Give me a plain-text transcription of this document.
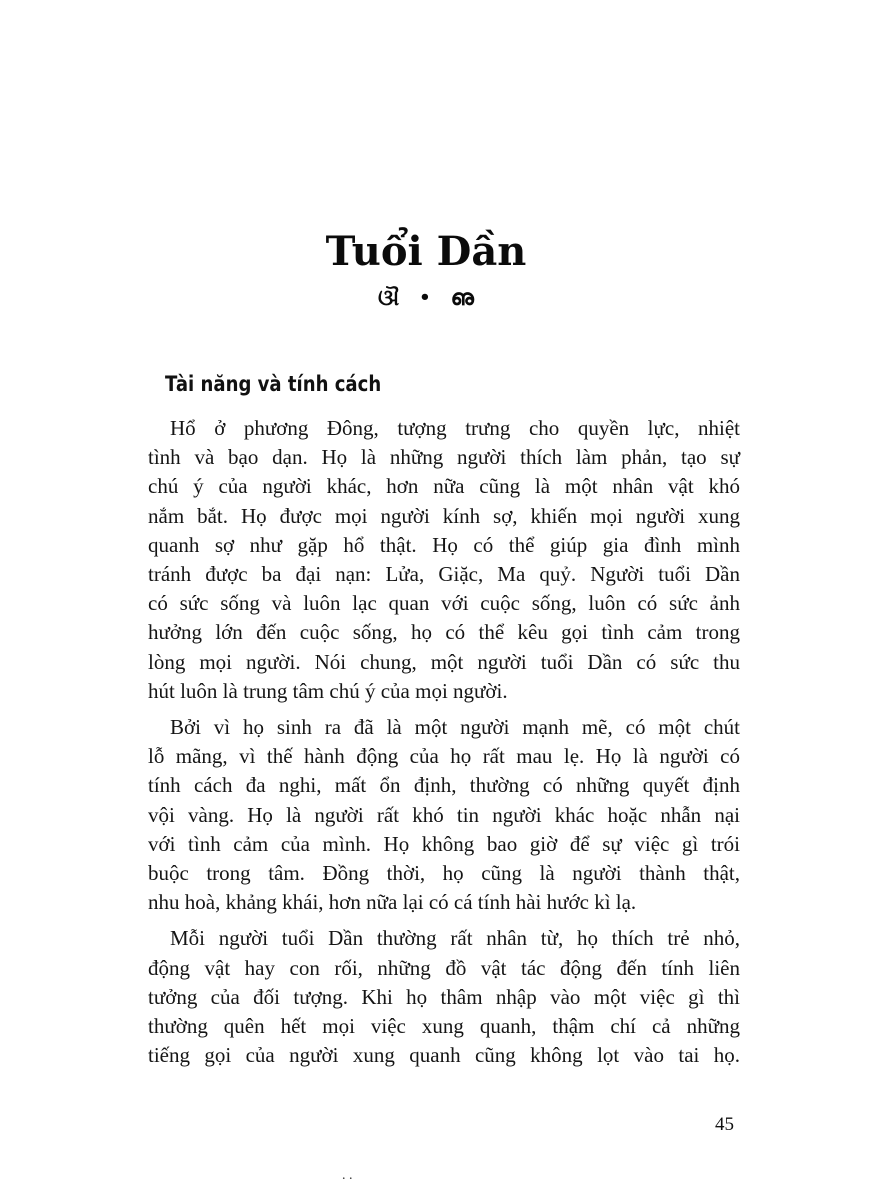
Tuổi Dần
ଔ • ഌ
Tài năng và tính cách

Hổ ở phương Đông, tượng trưng cho quyền lực, nhiệt
tình và bạo dạn. Họ là những người thích làm phản, tạo sự
chú ý của người khác, hơn nữa cũng là một nhân vật khó
nắm bắt. Họ được mọi người kính sợ, khiến mọi người xung
quanh sợ như gặp hổ thật. Họ có thể giúp gia đình mình
tránh được ba đại nạn: Lửa, Giặc, Ma quỷ. Người tuổi Dần
có sức sống và luôn lạc quan với cuộc sống, luôn có sức ảnh
hưởng lớn đến cuộc sống, họ có thể kêu gọi tình cảm trong
lòng mọi người. Nói chung, một người tuổi Dần có sức thu
hút luôn là trung tâm chú ý của mọi người.

Bởi vì họ sinh ra đã là một người mạnh mẽ, có một chút
lỗ mãng, vì thế hành động của họ rất mau lẹ. Họ là người có
tính cách đa nghi, mất ổn định, thường có những quyết định
vội vàng. Họ là người rất khó tin người khác hoặc nhẫn nại
với tình cảm của mình. Họ không bao giờ để sự việc gì trói
buộc trong tâm. Đồng thời, họ cũng là người thành thật,
nhu hoà, khảng khái, hơn nữa lại có cá tính hài hước kì lạ.

Mỗi người tuổi Dần thường rất nhân từ, họ thích trẻ nhỏ,
động vật hay con rối, những đồ vật tác động đến tính liên
tưởng của đối tượng. Khi họ thâm nhập vào một việc gì thì
thường quên hết mọi việc xung quanh, thậm chí cả những
tiếng gọi của người xung quanh cũng không lọt vào tai họ.

45
. .
